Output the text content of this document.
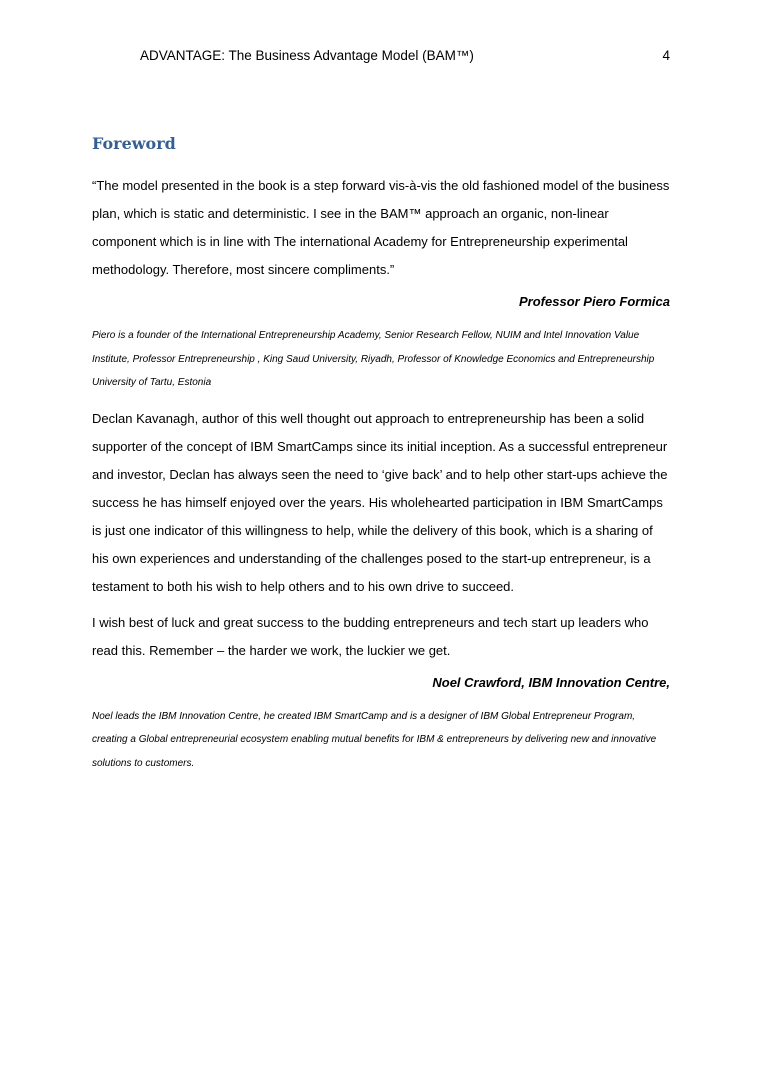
ADVANTAGE: The Business Advantage Model (BAM™)	4
Foreword

“The model presented in the book is a step forward vis-à-vis the old fashioned model of the business plan, which is static and deterministic. I see in the BAM™ approach an organic, non-linear component which is in line with The international Academy for Entrepreneurship experimental methodology. Therefore, most sincere compliments.”

Professor Piero Formica

Piero is a founder of the International Entrepreneurship Academy, Senior Research Fellow, NUIM and Intel Innovation Value Institute, Professor Entrepreneurship , King Saud University, Riyadh, Professor of Knowledge Economics and Entrepreneurship University of Tartu, Estonia

Declan Kavanagh, author of this well thought out approach to entrepreneurship has been a solid supporter of the concept of IBM SmartCamps since its initial inception. As a successful entrepreneur and investor, Declan has always seen the need to ‘give back’ and to help other start-ups achieve the success he has himself enjoyed over the years. His wholehearted participation in IBM SmartCamps is just one indicator of this willingness to help, while the delivery of this book, which is a sharing of his own experiences and understanding of the challenges posed to the start-up entrepreneur, is a testament to both his wish to help others and to his own drive to succeed.

I wish best of luck and great success to the budding entrepreneurs and tech start up leaders who read this. Remember – the harder we work, the luckier we get.

Noel Crawford, IBM Innovation Centre,

Noel leads the IBM Innovation Centre, he created IBM SmartCamp and is a designer of IBM Global Entrepreneur Program, creating a Global entrepreneurial ecosystem enabling mutual benefits for IBM & entrepreneurs by delivering new and innovative solutions to customers.
